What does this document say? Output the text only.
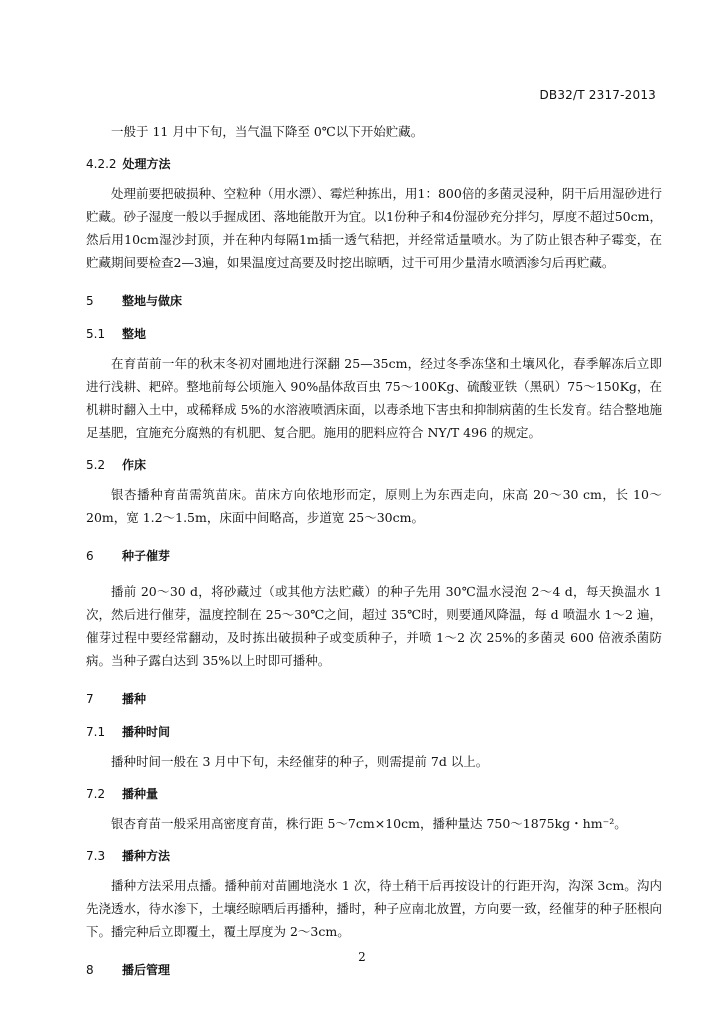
DB32/T 2317-2013

一般于 11 月中下旬，当气温下降至 0℃以下开始贮藏。

4.2.2 处理方法

处理前要把破损种、空粒种（用水漂）、霉烂种拣出，用1：800倍的多菌灵浸种，阴干后用湿砂进行贮藏。砂子湿度一般以手握成团、落地能散开为宜。以1份种子和4份湿砂充分拌匀，厚度不超过50cm，然后用10cm湿沙封顶，并在种内每隔1m插一透气秸把，并经常适量喷水。为了防止银杏种子霉变，在贮藏期间要检查2—3遍，如果温度过高要及时挖出晾晒，过干可用少量清水喷洒渗匀后再贮藏。

5 整地与做床
5.1 整地

在育苗前一年的秋末冬初对圃地进行深翻 25—35cm，经过冬季冻垡和土壤风化，春季解冻后立即进行浅耕、耙碎。整地前每公顷施入 90%晶体敌百虫 75～100Kg、硫酸亚铁（黑矾）75～150Kg，在机耕时翻入土中，或稀释成 5%的水溶液喷洒床面，以毒杀地下害虫和抑制病菌的生长发育。结合整地施足基肥，宜施充分腐熟的有机肥、复合肥。施用的肥料应符合 NY/T 496 的规定。

5.2 作床

银杏播种育苗需筑苗床。苗床方向依地形而定，原则上为东西走向，床高 20～30 cm，长 10～20m，宽 1.2～1.5m，床面中间略高，步道宽 25～30cm。

6 种子催芽

播前 20～30 d，将砂藏过（或其他方法贮藏）的种子先用 30℃温水浸泡 2～4 d，每天换温水 1 次，然后进行催芽，温度控制在 25～30℃之间，超过 35℃时，则要通风降温，每 d 喷温水 1～2 遍，催芽过程中要经常翻动，及时拣出破损种子或变质种子，并喷 1～2 次 25%的多菌灵 600 倍液杀菌防病。当种子露白达到 35%以上时即可播种。

7 播种
7.1 播种时间

播种时间一般在 3 月中下旬，未经催芽的种子，则需提前 7d 以上。

7.2 播种量

银杏育苗一般采用高密度育苗，株行距 5～7cm×10cm，播种量达 750～1875kg・hm⁻²。

7.3 播种方法

播种方法采用点播。播种前对苗圃地浇水 1 次，待土稍干后再按设计的行距开沟，沟深 3cm。沟内先浇透水，待水渗下，土壤经晾晒后再播种，播时，种子应南北放置，方向要一致，经催芽的种子胚根向下。播完种后立即覆土，覆土厚度为 2～3cm。

8 播后管理
2
